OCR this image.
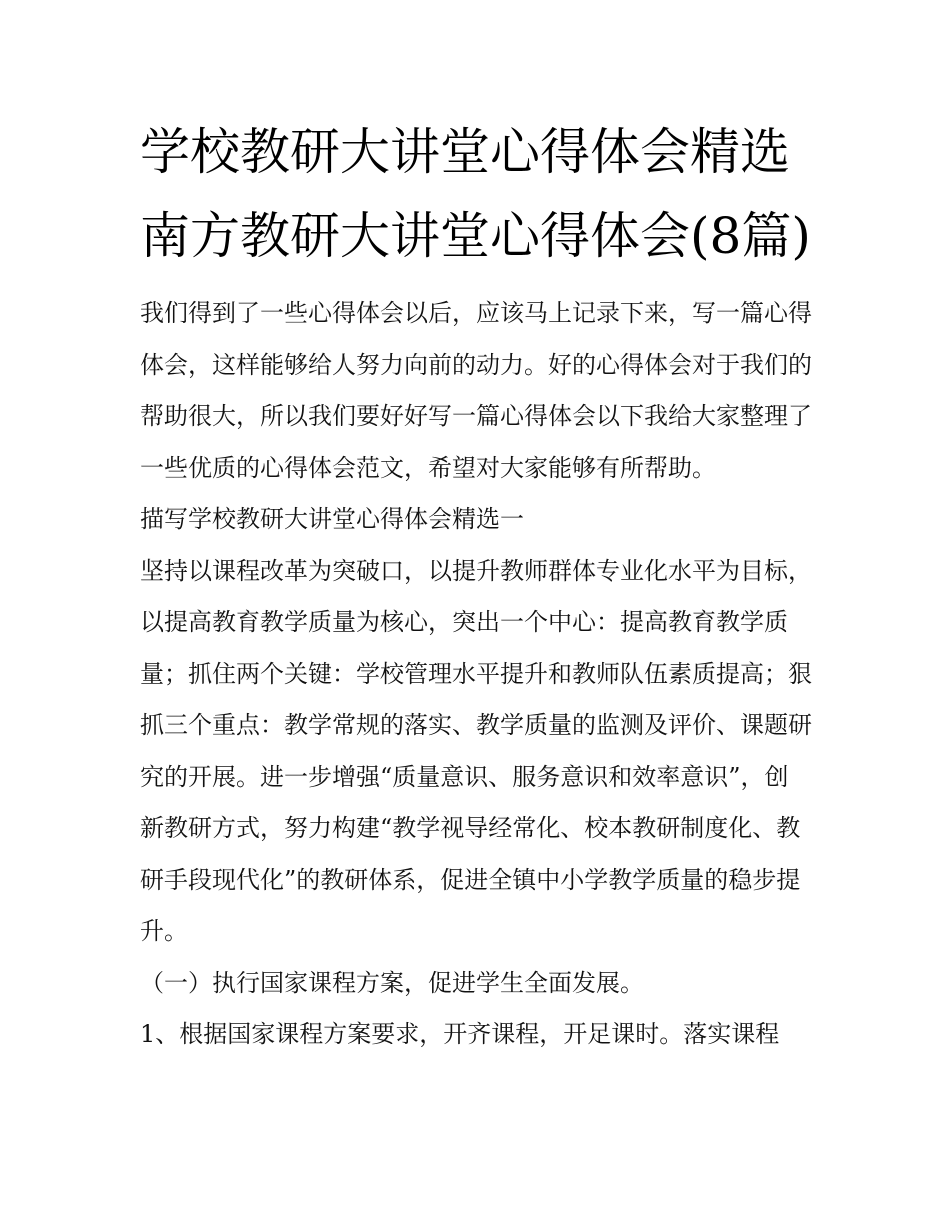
学校教研大讲堂心得体会精选南方教研大讲堂心得体会(8篇)

我们得到了一些心得体会以后，应该马上记录下来，写一篇心得体会，这样能够给人努力向前的动力。好的心得体会对于我们的帮助很大，所以我们要好好写一篇心得体会以下我给大家整理了一些优质的心得体会范文，希望对大家能够有所帮助。

描写学校教研大讲堂心得体会精选一

坚持以课程改革为突破口，以提升教师群体专业化水平为目标，以提高教育教学质量为核心，突出一个中心：提高教育教学质量；抓住两个关键：学校管理水平提升和教师队伍素质提高；狠抓三个重点：教学常规的落实、教学质量的监测及评价、课题研究的开展。进一步增强“质量意识、服务意识和效率意识”，创新教研方式，努力构建“教学视导经常化、校本教研制度化、教研手段现代化”的教研体系，促进全镇中小学教学质量的稳步提升。

（一）执行国家课程方案，促进学生全面发展。

1、根据国家课程方案要求，开齐课程，开足课时。落实课程
